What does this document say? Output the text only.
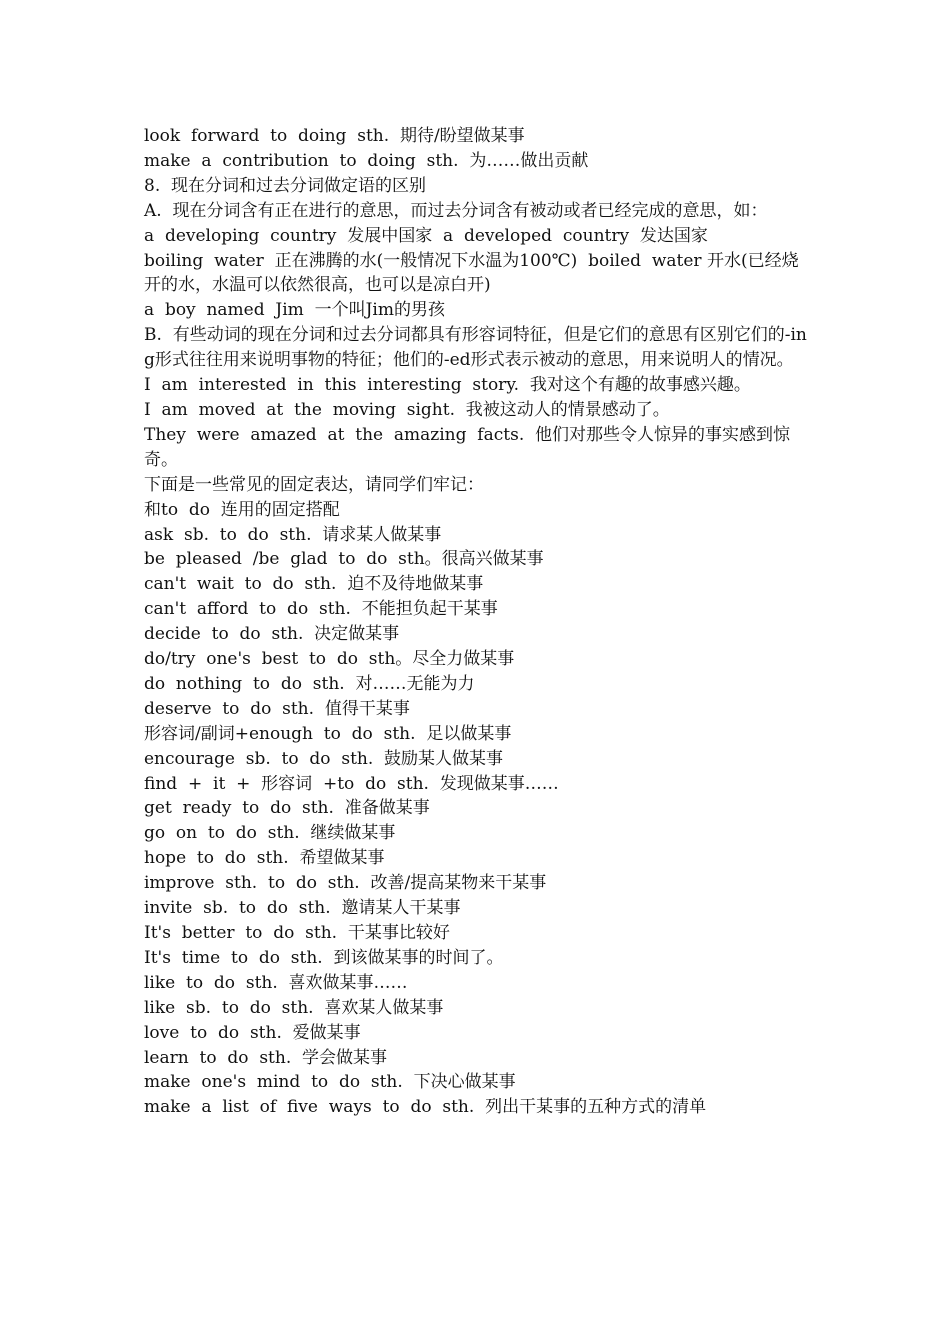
look  forward  to  doing  sth.  期待/盼望做某事

make  a  contribution  to  doing  sth.  为……做出贡献

8.  现在分词和过去分词做定语的区别

A.  现在分词含有正在进行的意思，而过去分词含有被动或者已经完成的意思，如：

a  developing  country  发展中国家  a  developed  country  发达国家

boiling  water  正在沸腾的水(一般情况下水温为100℃)  boiled  water 开水(已经烧开的水，水温可以依然很高，也可以是凉白开)

a  boy  named  Jim  一个叫Jim的男孩

B.  有些动词的现在分词和过去分词都具有形容词特征，但是它们的意思有区别它们的-ing形式往往用来说明事物的特征；他们的-ed形式表示被动的意思，用来说明人的情况。

I  am  interested  in  this  interesting  story.  我对这个有趣的故事感兴趣。

I  am  moved  at  the  moving  sight.  我被这动人的情景感动了。

They  were  amazed  at  the  amazing  facts.  他们对那些令人惊异的事实感到惊奇。

下面是一些常见的固定表达，请同学们牢记：

和to  do  连用的固定搭配

ask  sb.  to  do  sth.  请求某人做某事

be  pleased  /be  glad  to  do  sth。很高兴做某事

can't  wait  to  do  sth.  迫不及待地做某事

can't  afford  to  do  sth.  不能担负起干某事

decide  to  do  sth.  决定做某事

do/try  one's  best  to  do  sth。尽全力做某事

do  nothing  to  do  sth.  对……无能为力

deserve  to  do  sth.  值得干某事

形容词/副词+enough  to  do  sth.  足以做某事

encourage  sb.  to  do  sth.  鼓励某人做某事

find  +  it  +  形容词  +to  do  sth.  发现做某事……

get  ready  to  do  sth.  准备做某事

go  on  to  do  sth.  继续做某事

hope  to  do  sth.  希望做某事

improve  sth.  to  do  sth.  改善/提高某物来干某事

invite  sb.  to  do  sth.  邀请某人干某事

It's  better  to  do  sth.  干某事比较好

It's  time  to  do  sth.  到该做某事的时间了。

like  to  do  sth.  喜欢做某事……

like  sb.  to  do  sth.  喜欢某人做某事

love  to  do  sth.  爱做某事

learn  to  do  sth.  学会做某事

make  one's  mind  to  do  sth.  下决心做某事

make  a  list  of  five  ways  to  do  sth.  列出干某事的五种方式的清单
